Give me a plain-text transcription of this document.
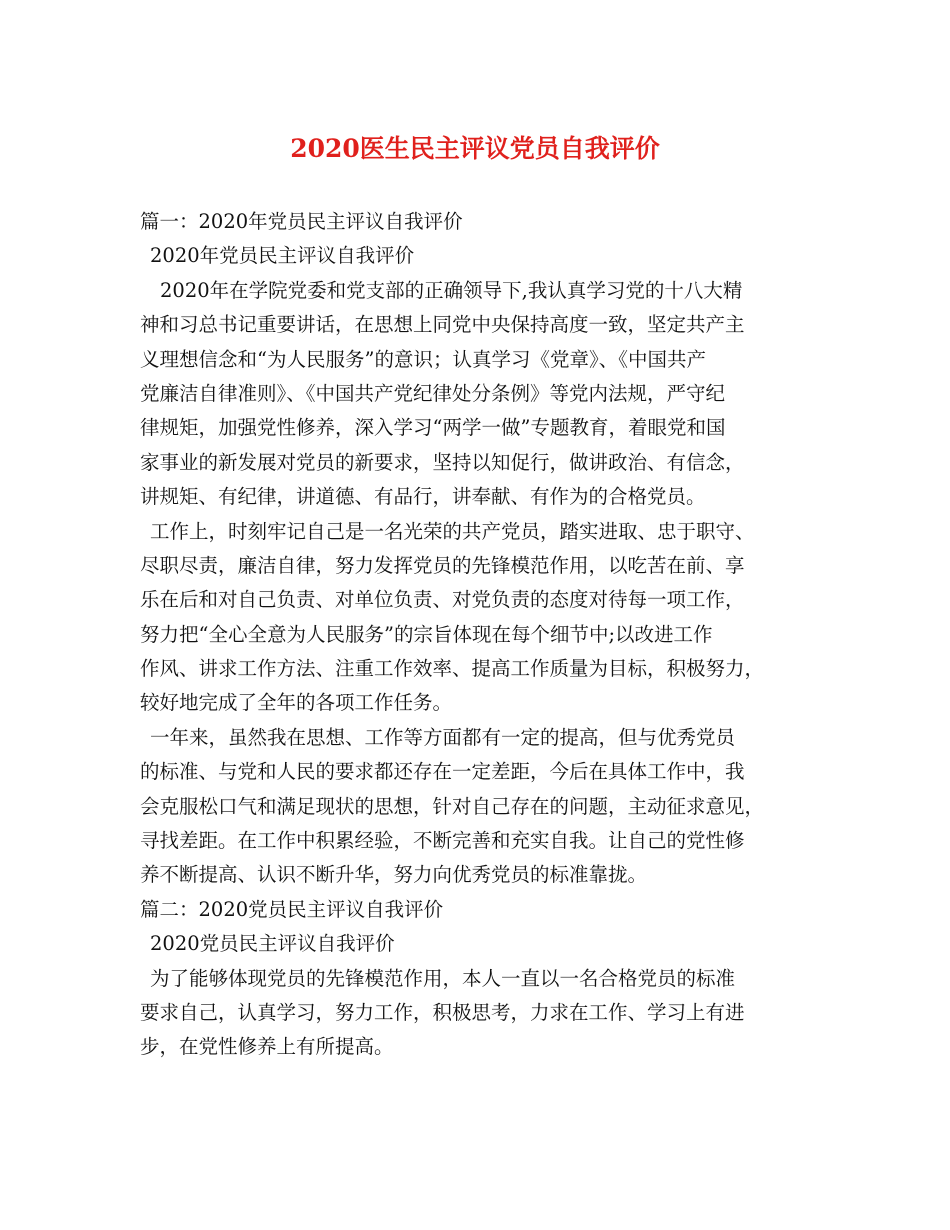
2020医生民主评议党员自我评价
篇一：2020年党员民主评议自我评价
2020年党员民主评议自我评价
2020年在学院党委和党支部的正确领导下,我认真学习党的十八大精
神和习总书记重要讲话，在思想上同党中央保持高度一致，坚定共产主
义理想信念和“为人民服务”的意识；认真学习《党章》、《中国共产
党廉洁自律准则》、《中国共产党纪律处分条例》等党内法规，严守纪
律规矩，加强党性修养，深入学习“两学一做”专题教育，着眼党和国
家事业的新发展对党员的新要求，坚持以知促行，做讲政治、有信念，
讲规矩、有纪律，讲道德、有品行，讲奉献、有作为的合格党员。
工作上，时刻牢记自己是一名光荣的共产党员，踏实进取、忠于职守、
尽职尽责，廉洁自律，努力发挥党员的先锋模范作用，以吃苦在前、享
乐在后和对自己负责、对单位负责、对党负责的态度对待每一项工作，
努力把“全心全意为人民服务”的宗旨体现在每个细节中;以改进工作
作风、讲求工作方法、注重工作效率、提高工作质量为目标，积极努力，
较好地完成了全年的各项工作任务。
一年来，虽然我在思想、工作等方面都有一定的提高，但与优秀党员
的标准、与党和人民的要求都还存在一定差距，今后在具体工作中，我
会克服松口气和满足现状的思想，针对自己存在的问题，主动征求意见，
寻找差距。在工作中积累经验，不断完善和充实自我。让自己的党性修
养不断提高、认识不断升华，努力向优秀党员的标准靠拢。
篇二：2020党员民主评议自我评价
2020党员民主评议自我评价
为了能够体现党员的先锋模范作用，本人一直以一名合格党员的标准
要求自己，认真学习，努力工作，积极思考，力求在工作、学习上有进
步，在党性修养上有所提高。
